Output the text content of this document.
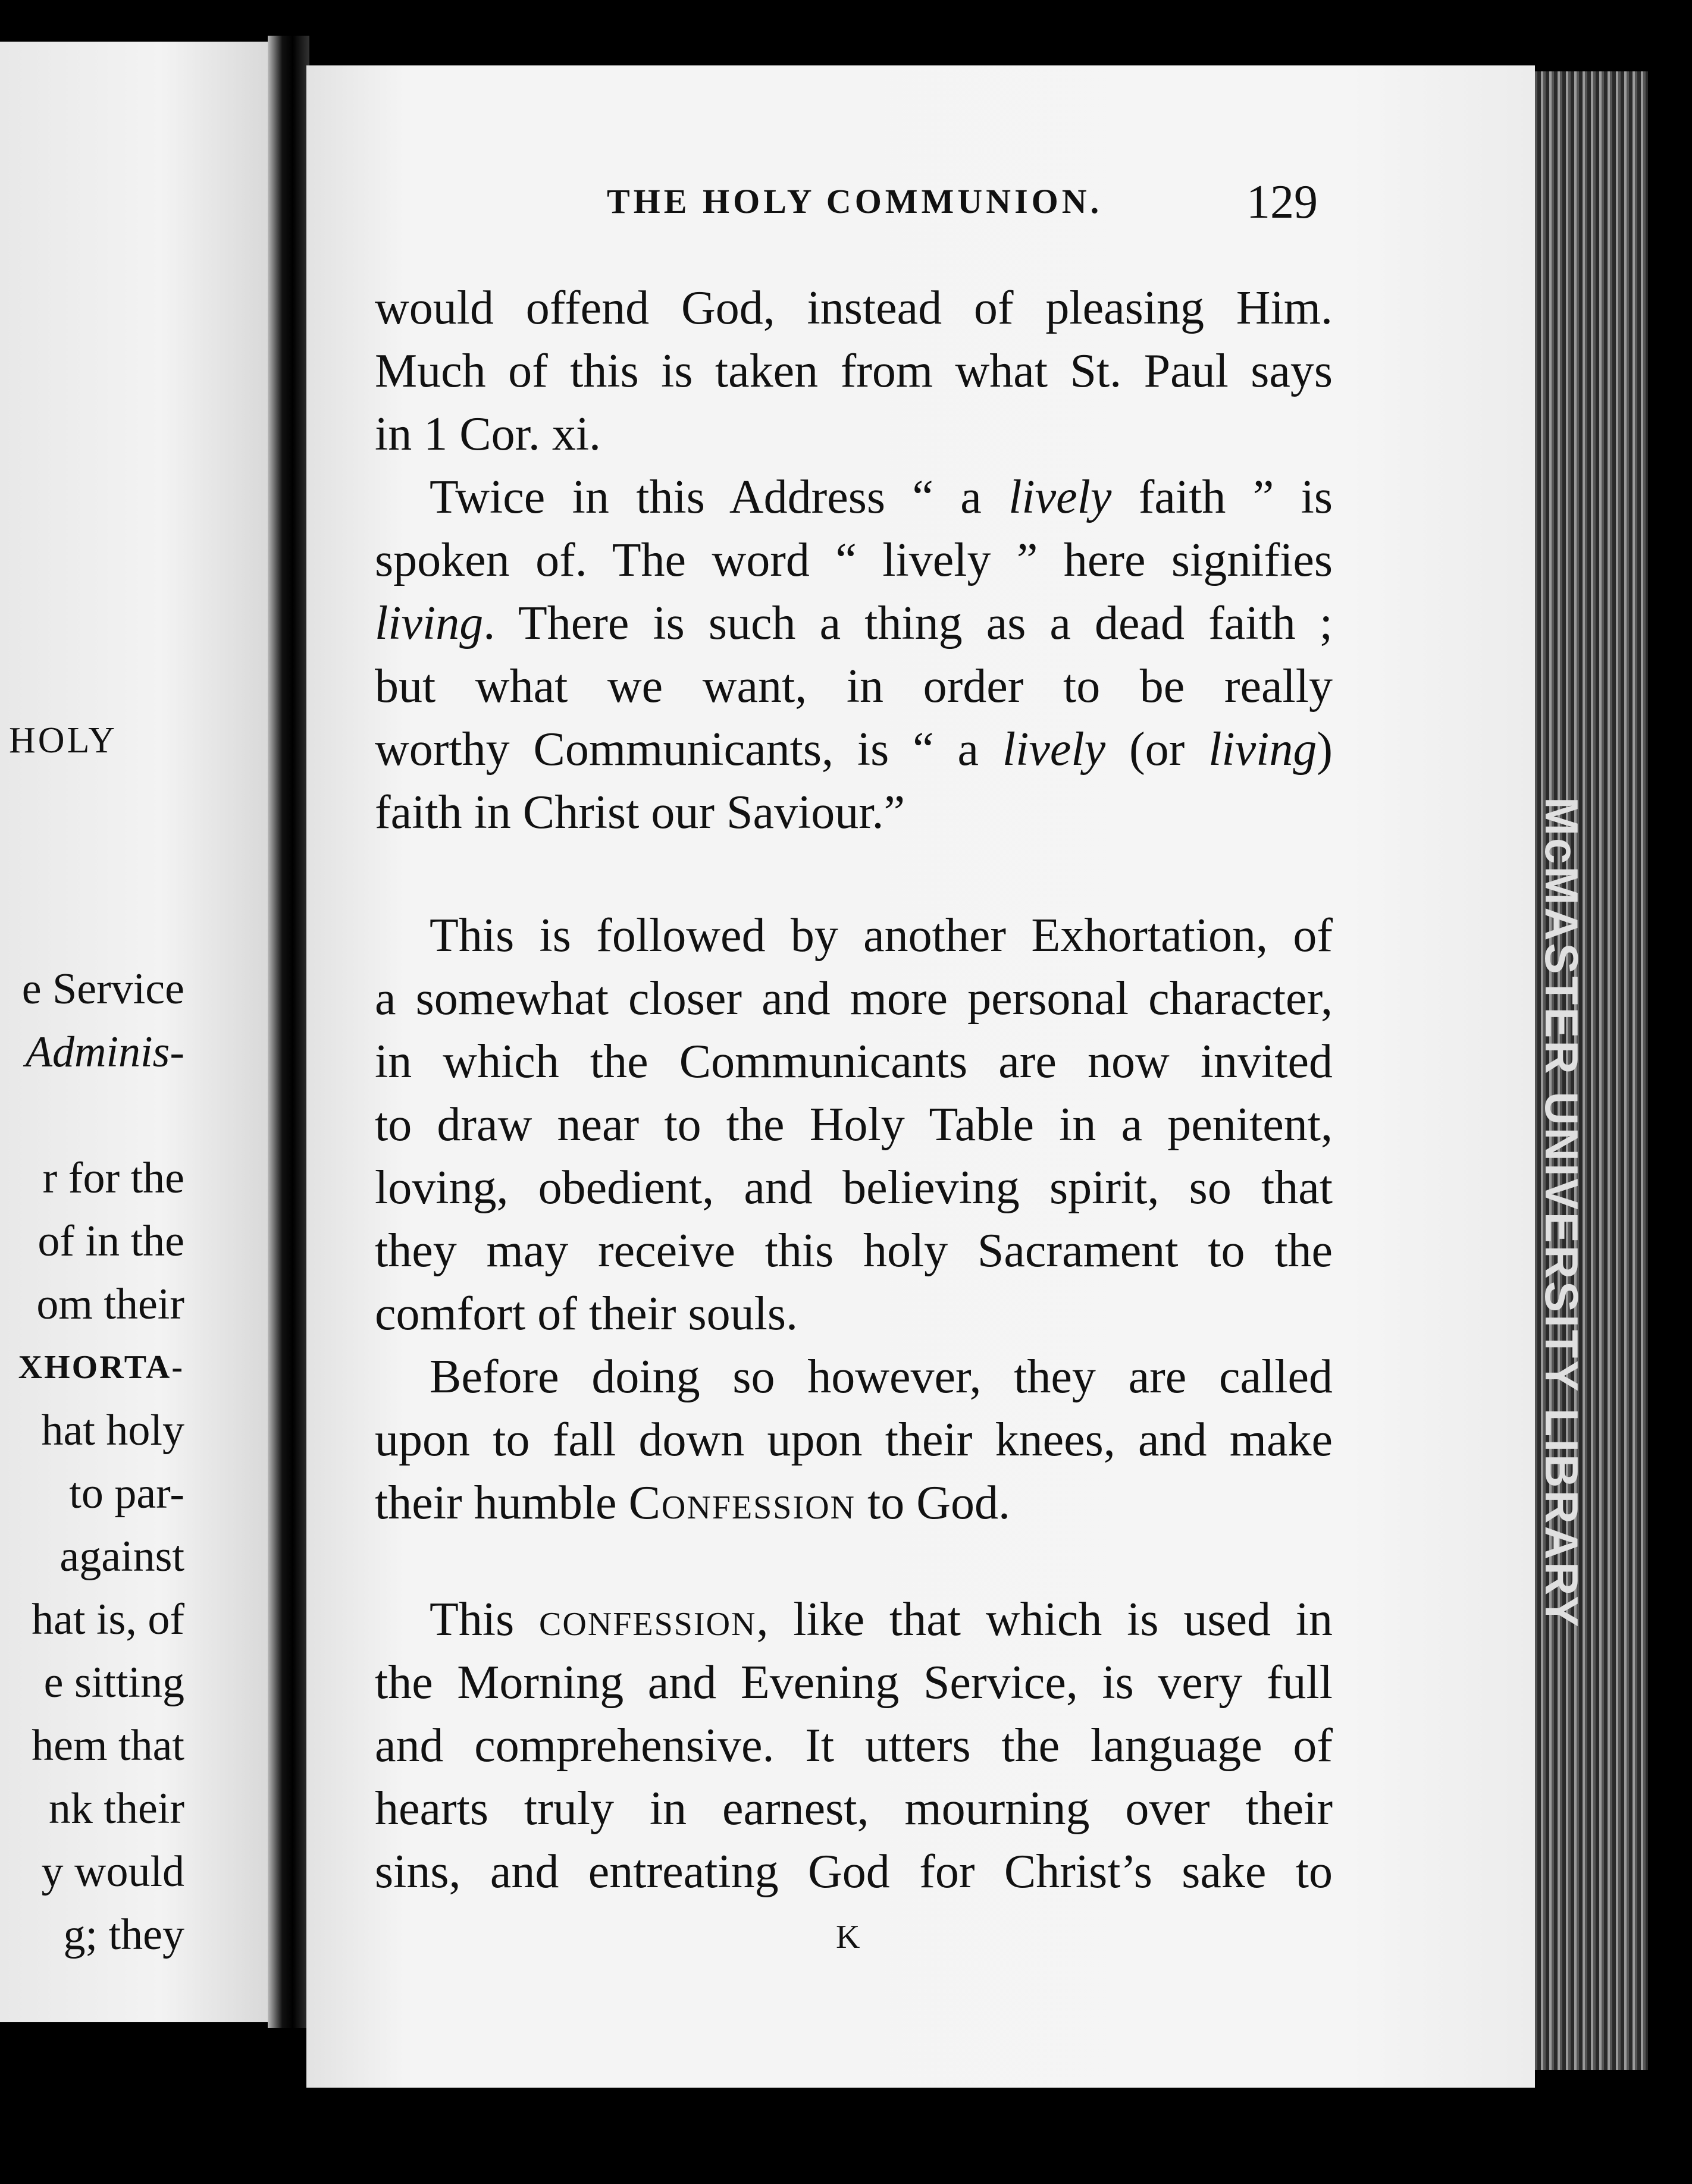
HOLY
e Service
Adminis-

r for the
of in the
om their
XHORTA-
hat holy
to par-
against
hat is, of
e sitting
hem that
nk their
y would
g; they
McMASTER UNIVERSITY LIBRARY
THE HOLY COMMUNION.	129

would offend God, instead of pleasing Him.
Much of this is taken from what St. Paul says
in 1 Cor. xi.

Twice in this Address “ a lively faith ” is
spoken of. The word “ lively ” here signifies
living. There is such a thing as a dead faith ;
but what we want, in order to be really
worthy Communicants, is “ a lively (or living)
faith in Christ our Saviour.”

This is followed by another Exhortation, of
a somewhat closer and more personal character,
in which the Communicants are now invited
to draw near to the Holy Table in a penitent,
loving, obedient, and believing spirit, so that
they may receive this holy Sacrament to the
comfort of their souls.

Before doing so however, they are called
upon to fall down upon their knees, and make
their humble Confession to God.

This confession, like that which is used in
the Morning and Evening Service, is very full
and comprehensive. It utters the language of
hearts truly in earnest, mourning over their
sins, and entreating God for Christ’s sake to

K
